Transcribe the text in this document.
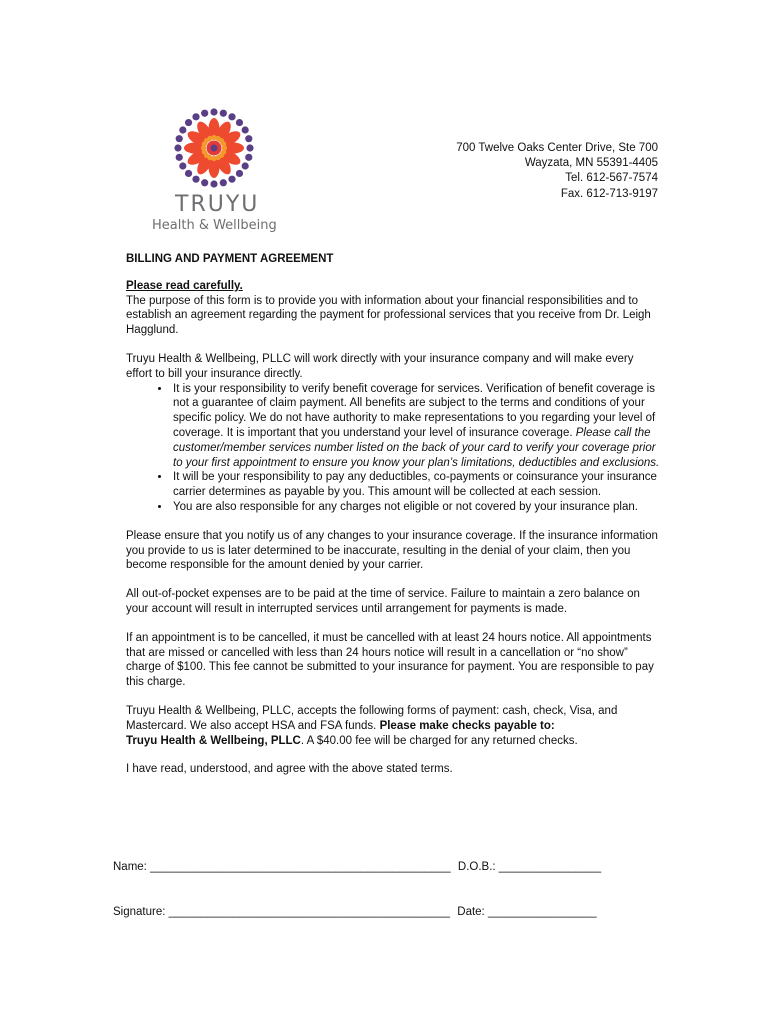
TRUYU
Health & Wellbeing
700 Twelve Oaks Center Drive, Ste 700
Wayzata, MN 55391-4405
Tel. 612-567-7574
Fax. 612-713-9197
BILLING AND PAYMENT AGREEMENT
Please read carefully.

The purpose of this form is to provide you with information about your financial responsibilities and to establish an agreement regarding the payment for professional services that you receive from Dr. Leigh Hagglund.

Truyu Health & Wellbeing, PLLC will work directly with your insurance company and will make every effort to bill your insurance directly.

• It is your responsibility to verify benefit coverage for services. Verification of benefit coverage is not a guarantee of claim payment. All benefits are subject to the terms and conditions of your specific policy. We do not have authority to make representations to you regarding your level of coverage. It is important that you understand your level of insurance coverage. Please call the customer/member services number listed on the back of your card to verify your coverage prior to your first appointment to ensure you know your plan’s limitations, deductibles and exclusions.
• It will be your responsibility to pay any deductibles, co-payments or coinsurance your insurance carrier determines as payable by you. This amount will be collected at each session.
• You are also responsible for any charges not eligible or not covered by your insurance plan.

Please ensure that you notify us of any changes to your insurance coverage. If the insurance information you provide to us is later determined to be inaccurate, resulting in the denial of your claim, then you become responsible for the amount denied by your carrier.

All out-of-pocket expenses are to be paid at the time of service. Failure to maintain a zero balance on your account will result in interrupted services until arrangement for payments is made.

If an appointment is to be cancelled, it must be cancelled with at least 24 hours notice. All appointments that are missed or cancelled with less than 24 hours notice will result in a cancellation or “no show” charge of $100. This fee cannot be submitted to your insurance for payment. You are responsible to pay this charge.

Truyu Health & Wellbeing, PLLC, accepts the following forms of payment: cash, check, Visa, and Mastercard. We also accept HSA and FSA funds. Please make checks payable to:
Truyu Health & Wellbeing, PLLC. A $40.00 fee will be charged for any returned checks.

I have read, understood, and agree with the above stated terms.

Name: _______________________________________________ D.O.B.: ________________
Signature: ____________________________________________ Date: _________________
